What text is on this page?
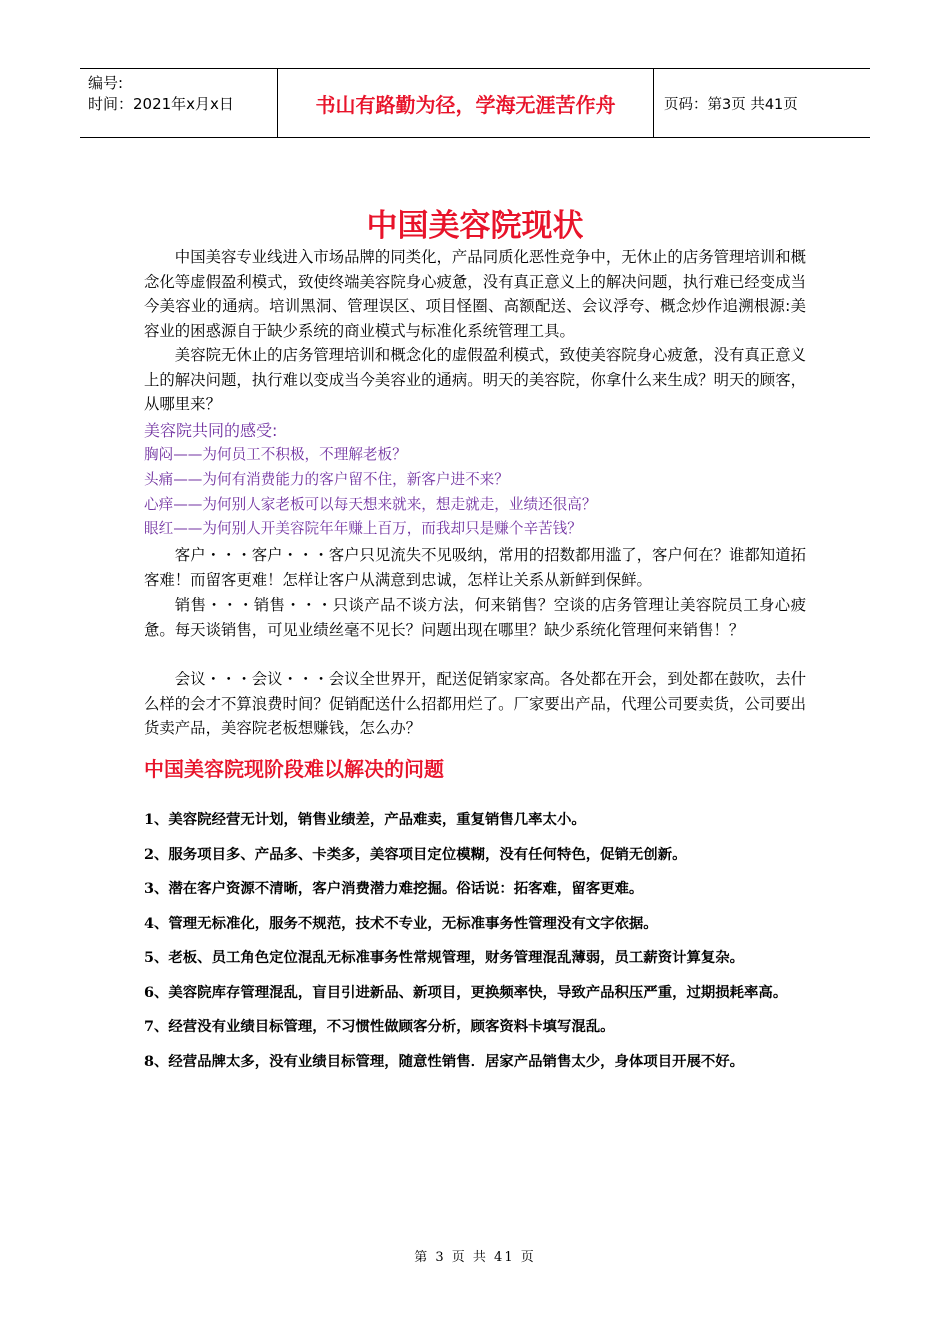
编号:
时间：2021年x月x日	书山有路勤为径，学海无涯苦作舟	页码：第3页 共41页
中国美容院现状
中国美容专业线进入市场品牌的同类化，产品同质化恶性竞争中，无休止的店务管理培训和概念化等虚假盈利模式，致使终端美容院身心疲惫，没有真正意义上的解决问题，执行难已经变成当今美容业的通病。培训黑洞、管理误区、项目怪圈、高额配送、会议浮夸、概念炒作追溯根源:美容业的困惑源自于缺少系统的商业模式与标准化系统管理工具。
美容院无休止的店务管理培训和概念化的虚假盈利模式，致使美容院身心疲惫，没有真正意义上的解决问题，执行难以变成当今美容业的通病。明天的美容院，你拿什么来生成？明天的顾客，从哪里来？
美容院共同的感受:
胸闷——为何员工不积极，不理解老板？
头痛——为何有消费能力的客户留不住，新客户进不来？
心痒——为何别人家老板可以每天想来就来，想走就走，业绩还很高？
眼红——为何别人开美容院年年赚上百万，而我却只是赚个辛苦钱？
客户・・・客户・・・客户只见流失不见吸纳，常用的招数都用滥了，客户何在？谁都知道拓客难！而留客更难！怎样让客户从满意到忠诚，怎样让关系从新鲜到保鲜。
销售・・・销售・・・只谈产品不谈方法，何来销售？空谈的店务管理让美容院员工身心疲惫。每天谈销售，可见业绩丝毫不见长？问题出现在哪里？缺少系统化管理何来销售！？
会议・・・会议・・・会议全世界开，配送促销家家高。各处都在开会，到处都在鼓吹，去什么样的会才不算浪费时间？促销配送什么招都用烂了。厂家要出产品，代理公司要卖货，公司要出货卖产品，美容院老板想赚钱，怎么办？
中国美容院现阶段难以解决的问题
1、美容院经营无计划，销售业绩差，产品难卖，重复销售几率太小。
2、服务项目多、产品多、卡类多，美容项目定位模糊，没有任何特色，促销无创新。
3、潜在客户资源不清晰，客户消费潜力难挖掘。俗话说：拓客难，留客更难。
4、管理无标准化，服务不规范，技术不专业，无标准事务性管理没有文字依据。
5、老板、员工角色定位混乱无标准事务性常规管理，财务管理混乱薄弱，员工薪资计算复杂。
6、美容院库存管理混乱，盲目引进新品、新项目，更换频率快，导致产品积压严重，过期损耗率高。
7、经营没有业绩目标管理，不习惯性做顾客分析，顾客资料卡填写混乱。
8、经营品牌太多，没有业绩目标管理，随意性销售．居家产品销售太少，身体项目开展不好。
第 3 页 共 41 页
